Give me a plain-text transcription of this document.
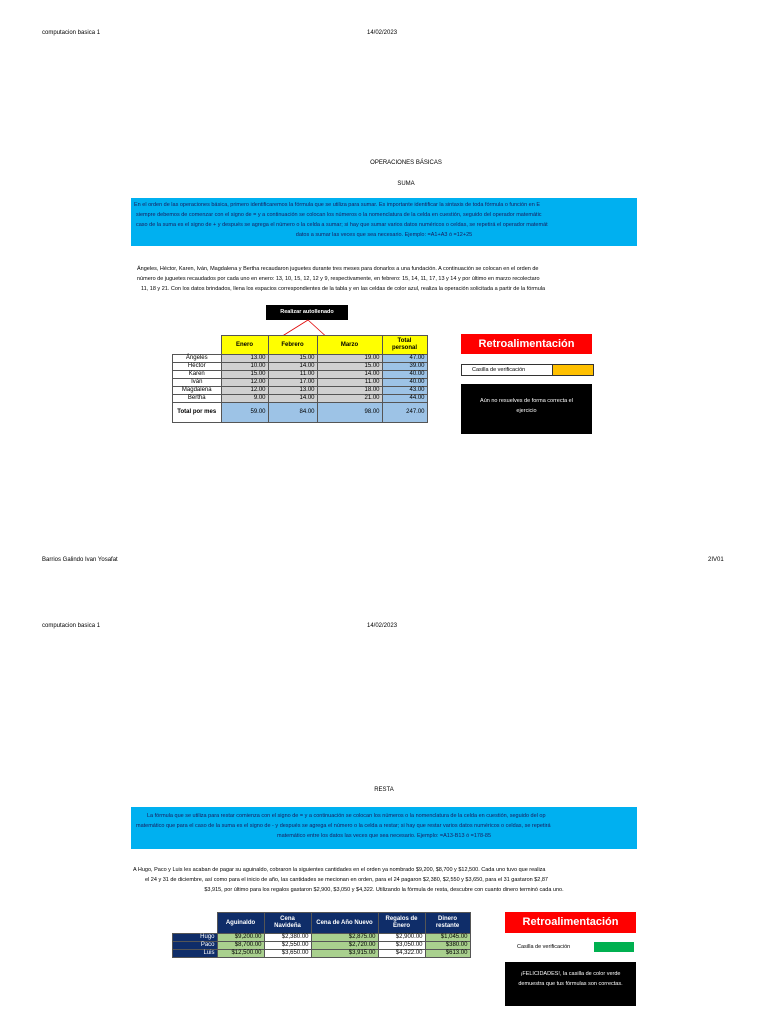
computacion basica 1	14/02/2023
OPERACIONES BÁSICAS
SUMA
En el orden de las operaciones básica, primero identificaremos la fórmula que se utiliza para sumar. Es importante identificar la sintaxis de toda fórmula o función en E
siempre debemos de comenzar con el signo de = y a continuación se colocan los números o la nomenclatura de la celda en cuestión, seguido del operador matemátic
caso de la suma es el signo de + y después se agrega el número o la celda a sumar; si hay que sumar varios datos numéricos o celdas, se repetirá el operador matemát
datos a sumar las veces que sea necesario. Ejemplo: =A1+A3 ó =12+25
Ángeles, Héctor, Karen, Iván, Magdalena y Bertha recaudaron juguetes durante tres meses para donarlos a una fundación. A continuación se colocan en el orden de
número de juguetes recaudados por cada uno en enero: 13, 10, 15, 12, 12 y 9, respectivamente, en febrero: 15, 14, 11, 17, 13 y 14 y por último en marzo recolectaro
11, 18 y 21. Con los datos brindados, llena los espacios correspondientes de la tabla y en las celdas de color azul, realiza la operación solicitada a partir de la fórmula
Realizar autollenado
	Enero	Febrero	Marzo	Total personal
Ángeles	13.00	15.00	19.00	47.00
Héctor	10.00	14.00	15.00	39.00
Karen	15.00	11.00	14.00	40.00
Iván	12.00	17.00	11.00	40.00
Magdalena	12.00	13.00	18.00	43.00
Bertha	9.00	14.00	21.00	44.00
Total por mes	59.00	84.00	98.00	247.00
Retroalimentación
Casilla de verificación
Aún no resuelves de forma correcta el ejercicio
Barrios Galindo Ivan Yosafat	2IV01
computacion basica 1	14/02/2023
RESTA
La fórmula que se utiliza para restar comienza con el signo de = y a continuación se colocan los números o la nomenclatura de la celda en cuestión, seguido del op
matemático que para el caso de la suma es el signo de - y después se agrega el número o la celda a restar; si hay que restar varios datos numéricos o celdas, se repetirá
matemático entre los datos las veces que sea necesario. Ejemplo: =A13-B13 ó =178-85
A Hugo, Paco y Luis les acaban de pagar su aguinaldo, cobraron la siguientes cantidades en el orden ya nombrado $9,200, $8,700 y $12,500. Cada uno tuvo que realiza
el 24 y 31 de diciembre, así como para el inicio de año, las cantidades se mecionan en orden, para el 24 pagaron $2,380, $2,550 y $3,650, para el 31 gastaron $2,87
$3,915, por último para los regalos gastaron $2,900, $3,050 y $4,322. Utilizando la fórmula de resta, descubre con cuanto dinero terminó cada uno.
	Aguinaldo	Cena Navideña	Cena de Año Nuevo	Regalos de Enero	Dinero restante
Hugo	$9,200.00	$2,380.00	$2,875.00	$2,900.00	$1,045.00
Paco	$8,700.00	$2,550.00	$2,720.00	$3,050.00	$380.00
Luis	$12,500.00	$3,650.00	$3,915.00	$4,322.00	$613.00
Retroalimentación
Casilla de verificación
¡FELICIDADES!, la casilla de color verde
demuestra que tus fórmulas son correctas.
